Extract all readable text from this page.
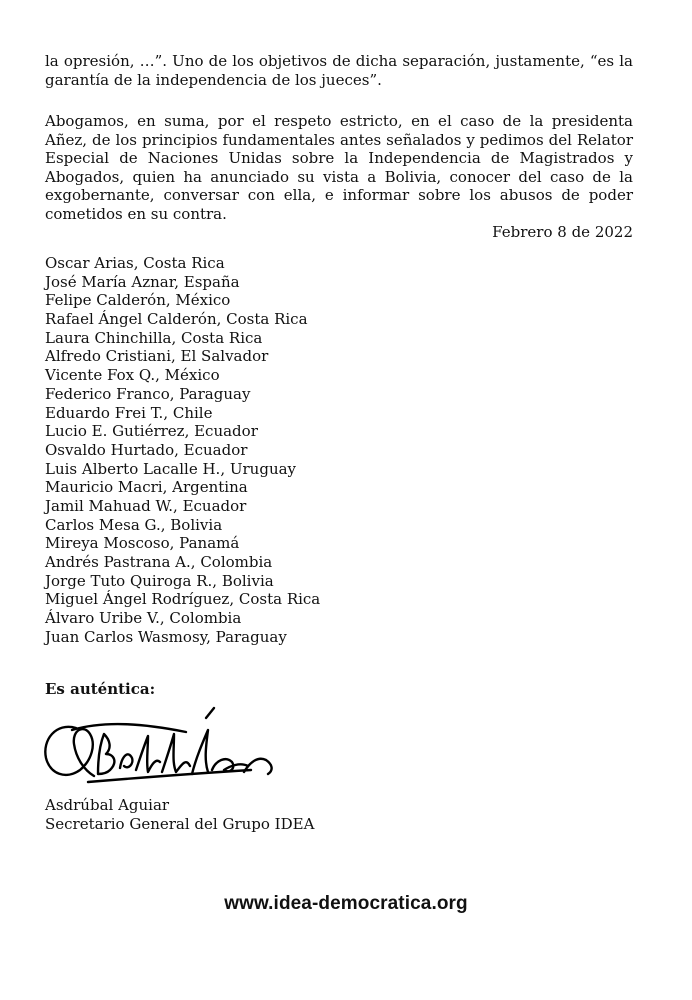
la opresión, …”. Uno de los objetivos de dicha separación, justamente, “es la garantía de la independencia de los jueces”.

Abogamos, en suma, por el respeto estricto, en el caso de la presidenta Añez, de los principios fundamentales antes señalados y pedimos del Relator Especial de Naciones Unidas sobre la Independencia de Magistrados y Abogados, quien ha anunciado su vista a Bolivia, conocer del caso de la exgobernante, conversar con ella, e informar sobre los abusos de poder cometidos en su contra.

Febrero 8 de 2022
Oscar Arias, Costa Rica
José María Aznar, España
Felipe Calderón, México
Rafael Ángel Calderón, Costa Rica
Laura Chinchilla, Costa Rica
Alfredo Cristiani, El Salvador
Vicente Fox Q., México
Federico Franco, Paraguay
Eduardo Frei T., Chile
Lucio E. Gutiérrez, Ecuador
Osvaldo Hurtado, Ecuador
Luis Alberto Lacalle H., Uruguay
Mauricio Macri, Argentina
Jamil Mahuad W., Ecuador
Carlos Mesa G., Bolivia
Mireya Moscoso, Panamá
Andrés Pastrana A., Colombia
Jorge Tuto Quiroga R., Bolivia
Miguel Ángel Rodríguez, Costa Rica
Álvaro Uribe V., Colombia
Juan Carlos Wasmosy, Paraguay
Es auténtica:
Asdrúbal Aguiar
Secretario General del Grupo IDEA
www.idea-democratica.org
